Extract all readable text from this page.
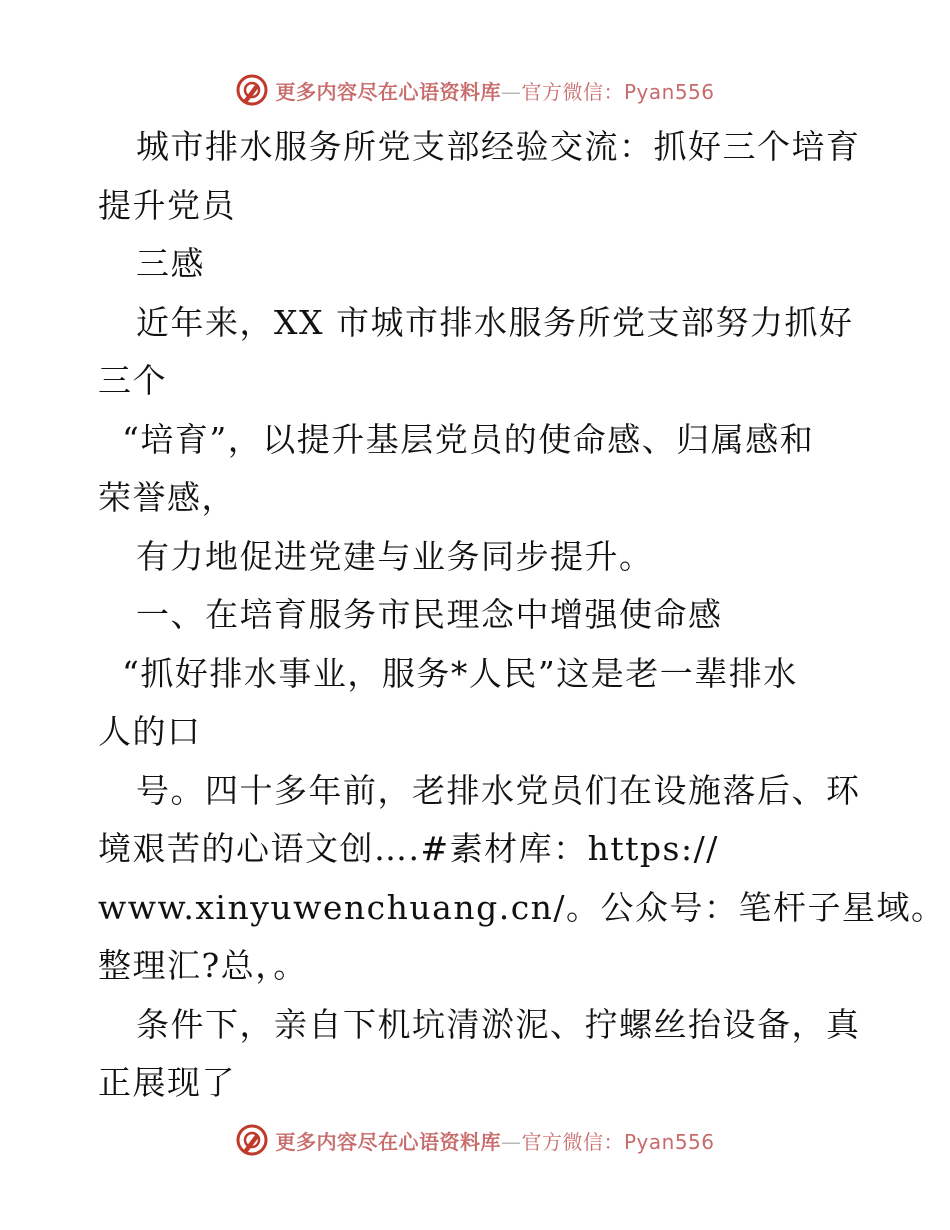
更多内容尽在心语资料库—官方微信：Pyan556
城市排水服务所党支部经验交流：抓好三个培育
提升党员
三感
近年来，XX 市城市排水服务所党支部努力抓好
三个
“培育”，以提升基层党员的使命感、归属感和
荣誉感，
有力地促进党建与业务同步提升。
一、在培育服务市民理念中增强使命感
“抓好排水事业，服务*人民”这是老一辈排水
人的口
号。四十多年前，老排水党员们在设施落后、环
境艰苦的心语文创….#素材库：https://
www.xinyuwenchuang.cn/。公众号：笔杆子星域。
整理汇?总，。
条件下，亲自下机坑清淤泥、拧螺丝抬设备，真
正展现了
更多内容尽在心语资料库—官方微信：Pyan556
